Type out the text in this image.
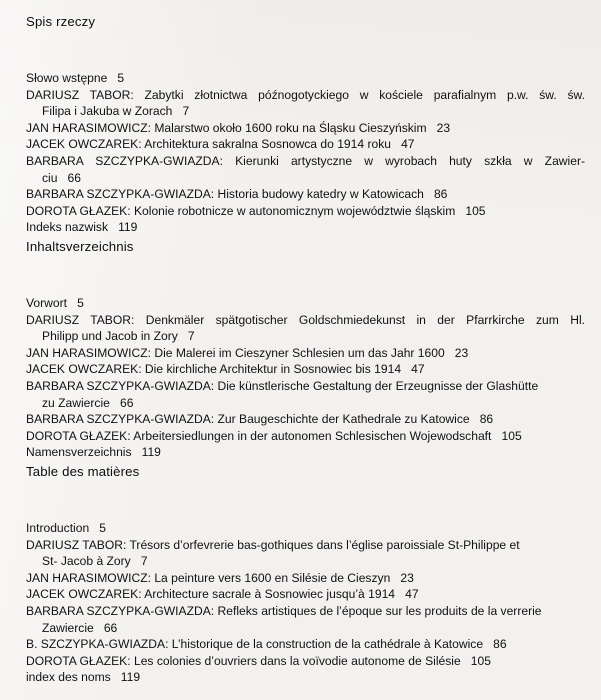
Spis rzeczy
Słowo wstępne   5
DARIUSZ TABOR: Zabytki złotnictwa późnogotyckiego w kościele parafialnym p.w. św. św.
Filipa i Jakuba w Zorach   7
JAN HARASIMOWICZ: Malarstwo około 1600 roku na Śląsku Cieszyńskim   23
JACEK OWCZAREK: Architektura sakralna Sosnowca do 1914 roku   47
BARBARA SZCZYPKA-GWIAZDA: Kierunki artystyczne w wyrobach huty szkła w Zawier-
ciu   66
BARBARA SZCZYPKA-GWIAZDA: Historia budowy katedry w Katowicach   86
DOROTA GŁAZEK: Kolonie robotnicze w autonomicznym województwie śląskim   105
Indeks nazwisk   119
Inhaltsverzeichnis
Vorwort   5
DARIUSZ TABOR: Denkmäler spätgotischer Goldschmiedekunst in der Pfarrkirche zum Hl.
Philipp und Jacob in Zory   7
JAN HARASIMOWICZ: Die Malerei im Cieszyner Schlesien um das Jahr 1600   23
JACEK OWCZAREK: Die kirchliche Architektur in Sosnowiec bis 1914   47
BARBARA SZCZYPKA-GWIAZDA: Die künstlerische Gestaltung der Erzeugnisse der Glashütte
zu Zawiercie   66
BARBARA SZCZYPKA-GWIAZDA: Zur Baugeschichte der Kathedrale zu Katowice   86
DOROTA GŁAZEK: Arbeitersiedlungen in der autonomen Schlesischen Wojewodschaft   105
Namensverzeichnis   119
Table des matières
Introduction   5
DARIUSZ TABOR: Trésors d’orfevrerie bas-gothiques dans l’église paroissiale St-Philippe et
St- Jacob à Zory   7
JAN HARASIMOWICZ: La peinture vers 1600 en Silésie de Cieszyn   23
JACEK OWCZAREK: Architecture sacrale à Sosnowiec jusqu’à 1914   47
BARBARA SZCZYPKA-GWIAZDA: Refleks artistiques de l’époque sur les produits de la verrerie
Zawiercie   66
B. SZCZYPKA-GWIAZDA: L’historique de la construction de la cathédrale à Katowice   86
DOROTA GŁAZEK: Les colonies d’ouvriers dans la voïvodie autonome de Silésie   105
index des noms   119
